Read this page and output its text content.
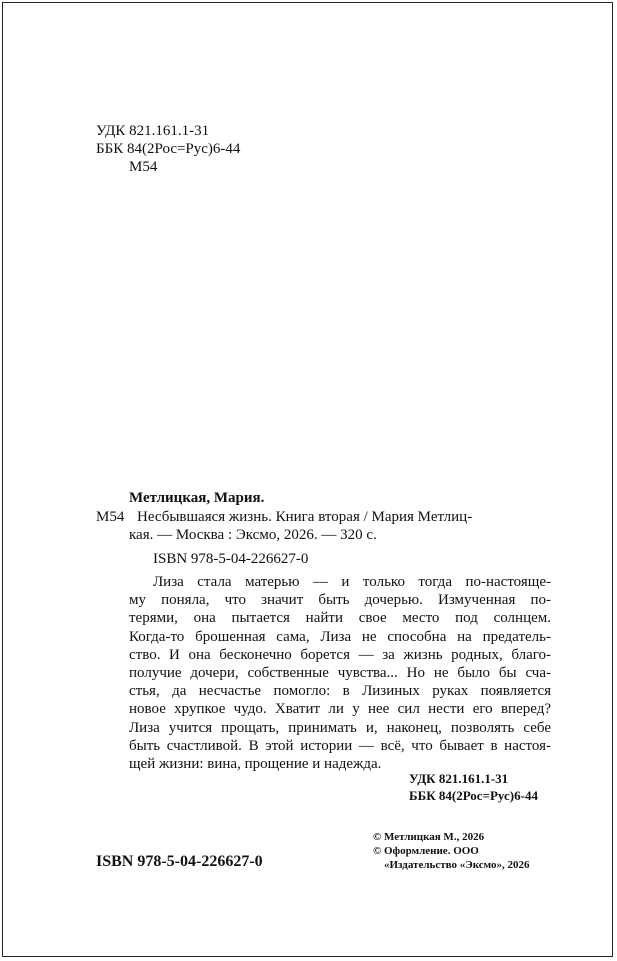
УДК 821.161.1-31
ББК 84(2Рос=Рус)6-44
М54
Метлицкая, Мария.
М54 Несбывшаяся жизнь. Книга вторая / Мария Метлиц-
кая. — Москва : Эксмо, 2026. — 320 с.
ISBN 978-5-04-226627-0
Лиза стала матерью — и только тогда по-настояще-
му поняла, что значит быть дочерью. Измученная по-
терями, она пытается найти свое место под солнцем.
Когда-то брошенная сама, Лиза не способна на предатель-
ство. И она бесконечно борется — за жизнь родных, благо-
получие дочери, собственные чувства... Но не было бы сча-
стья, да несчастье помогло: в Лизиных руках появляется
новое хрупкое чудо. Хватит ли у нее сил нести его вперед?
Лиза учится прощать, принимать и, наконец, позволять себе
быть счастливой. В этой истории — всё, что бывает в настоя-
щей жизни: вина, прощение и надежда.
УДК 821.161.1-31
ББК 84(2Рос=Рус)6-44
© Метлицкая М., 2026
© Оформление. ООО
«Издательство «Эксмо», 2026
ISBN 978-5-04-226627-0
